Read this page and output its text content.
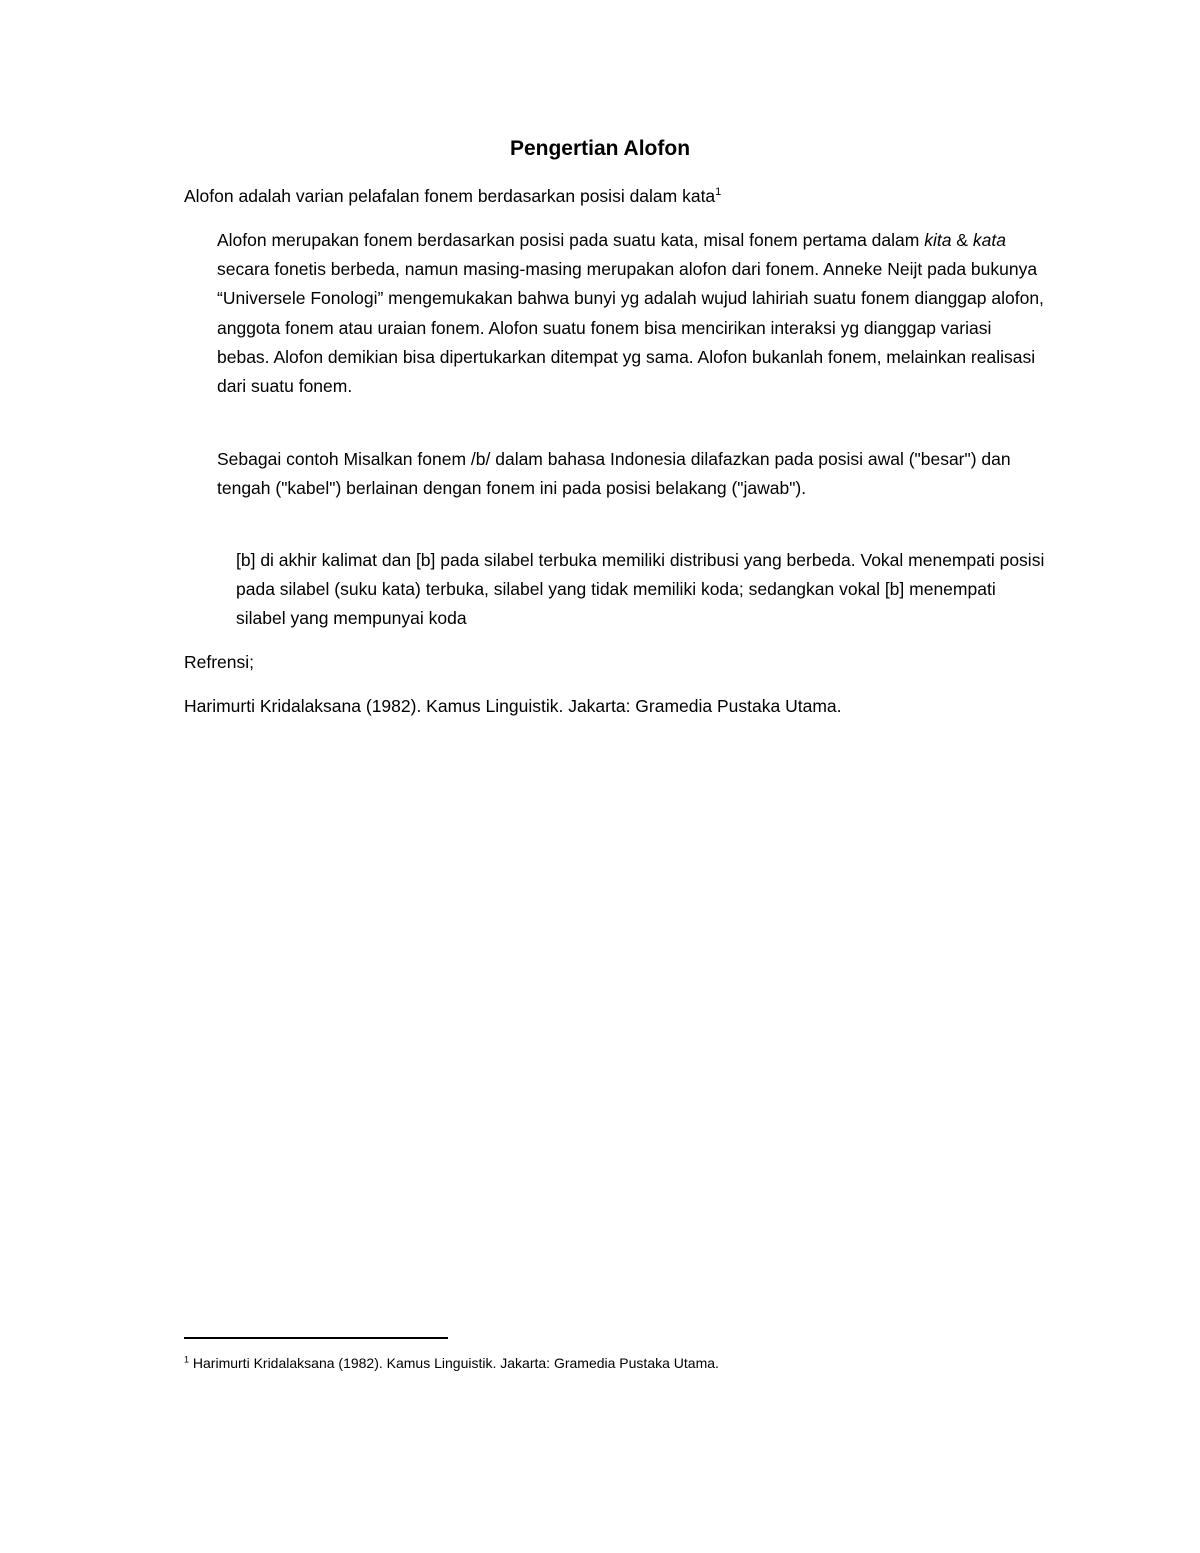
Pengertian Alofon
Alofon adalah varian pelafalan fonem berdasarkan posisi dalam kata$^1$

Alofon merupakan fonem berdasarkan posisi pada suatu kata, misal fonem pertama dalam kita & kata secara fonetis berbeda, namun masing-masing merupakan alofon dari fonem. Anneke Neijt pada bukunya “Universele Fonologi” mengemukakan bahwa bunyi yg adalah wujud lahiriah suatu fonem dianggap alofon, anggota fonem atau uraian fonem. Alofon suatu fonem bisa mencirikan interaksi yg dianggap variasi bebas. Alofon demikian bisa dipertukarkan ditempat yg sama. Alofon bukanlah fonem, melainkan realisasi dari suatu fonem.

Sebagai contoh Misalkan fonem /b/ dalam bahasa Indonesia dilafazkan pada posisi awal ("besar") dan tengah ("kabel") berlainan dengan fonem ini pada posisi belakang ("jawab").

[b] di akhir kalimat dan [b] pada silabel terbuka memiliki distribusi yang berbeda. Vokal menempati posisi pada silabel (suku kata) terbuka, silabel yang tidak memiliki koda; sedangkan vokal [b] menempati silabel yang mempunyai koda

Refrensi;
Harimurti Kridalaksana (1982). Kamus Linguistik. Jakarta: Gramedia Pustaka Utama.
$^1$ Harimurti Kridalaksana (1982). Kamus Linguistik. Jakarta: Gramedia Pustaka Utama.
